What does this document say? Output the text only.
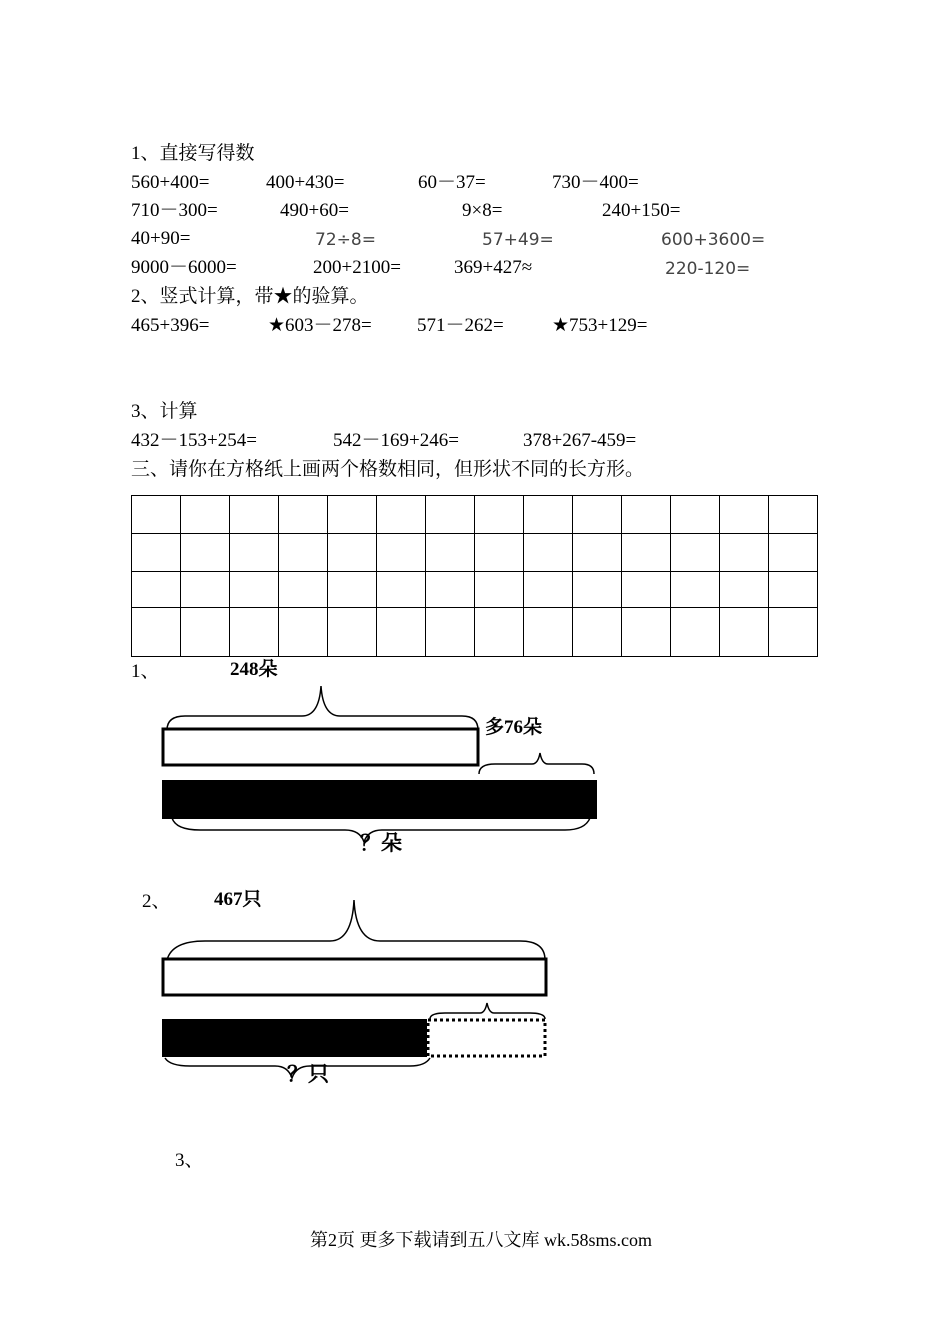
1、直接写得数
560+400=	400+430=	60－37=	730－400=
710－300=	490+60=	9×8=	240+150=
40+90=	72÷8=	57+49=	600+3600=
9000－6000=	200+2100=	369+427≈	220-120=
2、竖式计算，带★的验算。
465+396=	★603－278= 571－262=	★753+129=
3、计算
432－153+254=	542－169+246=	378+267-459=
三、请你在方格纸上画两个格数相同，但形状不同的长方形。

1、	248朵
多76朵
？朵
2、 467只
？只
3、
第2页 更多下载请到五八文库 wk.58sms.com
